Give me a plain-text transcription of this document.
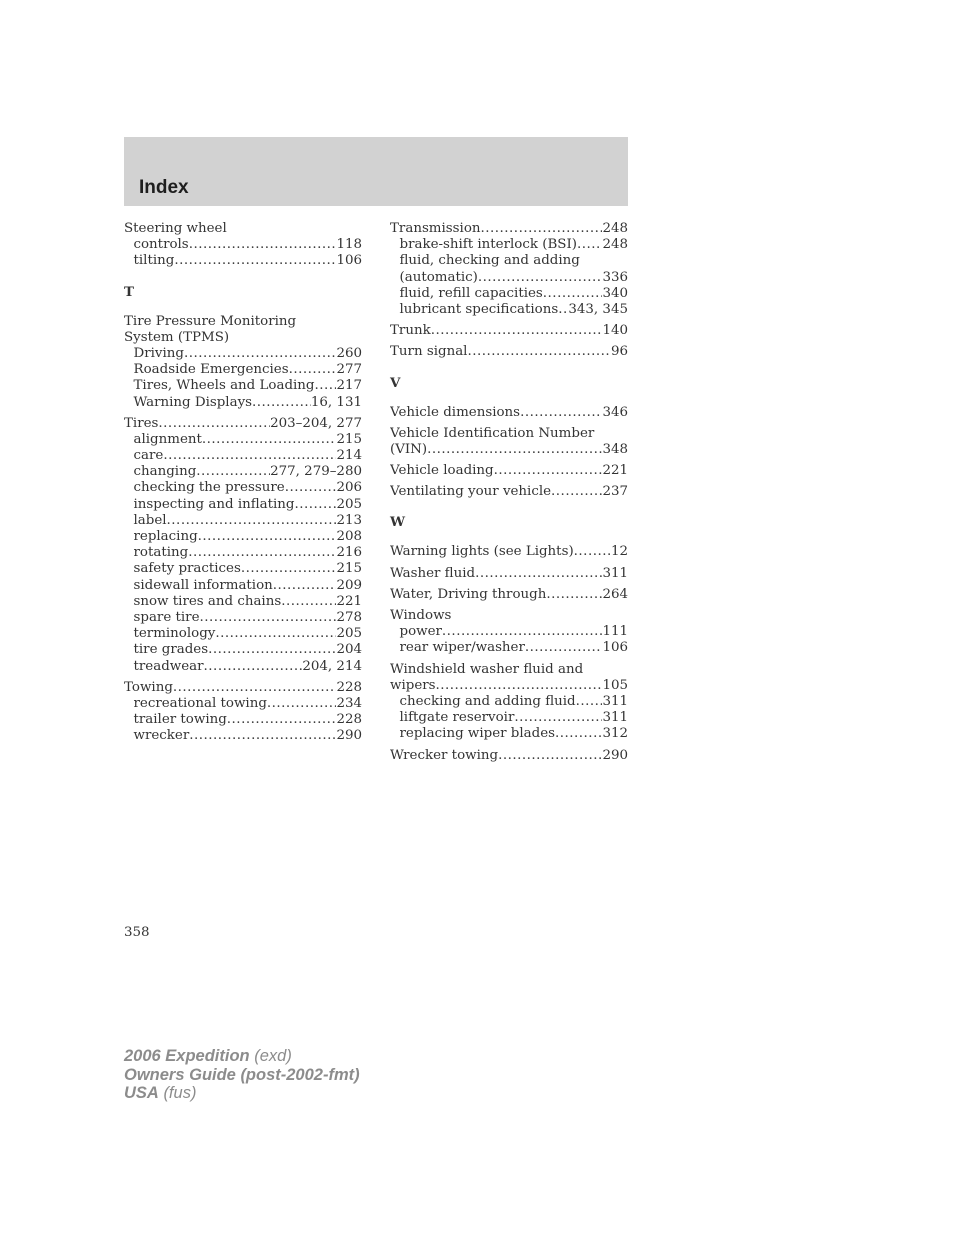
Index
Steering wheel
controls .....	118
tilting .....	106
T
Tire Pressure Monitoring
System (TPMS)
Driving .....	260
Roadside Emergencies .....	277
Tires, Wheels and Loading ..... 217
Warning Displays .....	16, 131
Tires .....	203–204, 277
alignment .....	215
care .....	214
changing .....	277, 279–280
checking the pressure .....	206
inspecting and inflating .....	205
label .....	213
replacing .....	208
rotating .....	216
safety practices .....	215
sidewall information .....	209
snow tires and chains .....	221
spare tire .....	278
terminology .....	205
tire grades .....	204
treadwear .....	204, 214
Towing .....	228
recreational towing .....	234
trailer towing .....	228
wrecker .....	290
Transmission .....	248
brake-shift interlock (BSI) ..... 248
fluid, checking and adding
(automatic) .....	336
fluid, refill capacities .....	340
lubricant specifications ..... 343, 345
Trunk .....	140
Turn signal .....	96
V
Vehicle dimensions .....	346
Vehicle Identification Number
(VIN) .....	348
Vehicle loading .....	221
Ventilating your vehicle .....	237
W
Warning lights (see Lights) .....	12
Washer fluid .....	311
Water, Driving through .....	264
Windows
power .....	111
rear wiper/washer .....	106
Windshield washer fluid and
wipers .....	105
checking and adding fluid ..... 311
liftgate reservoir .....	311
replacing wiper blades .....	312
Wrecker towing .....	290
358
2006 Expedition (exd)
Owners Guide (post-2002-fmt)
USA (fus)
